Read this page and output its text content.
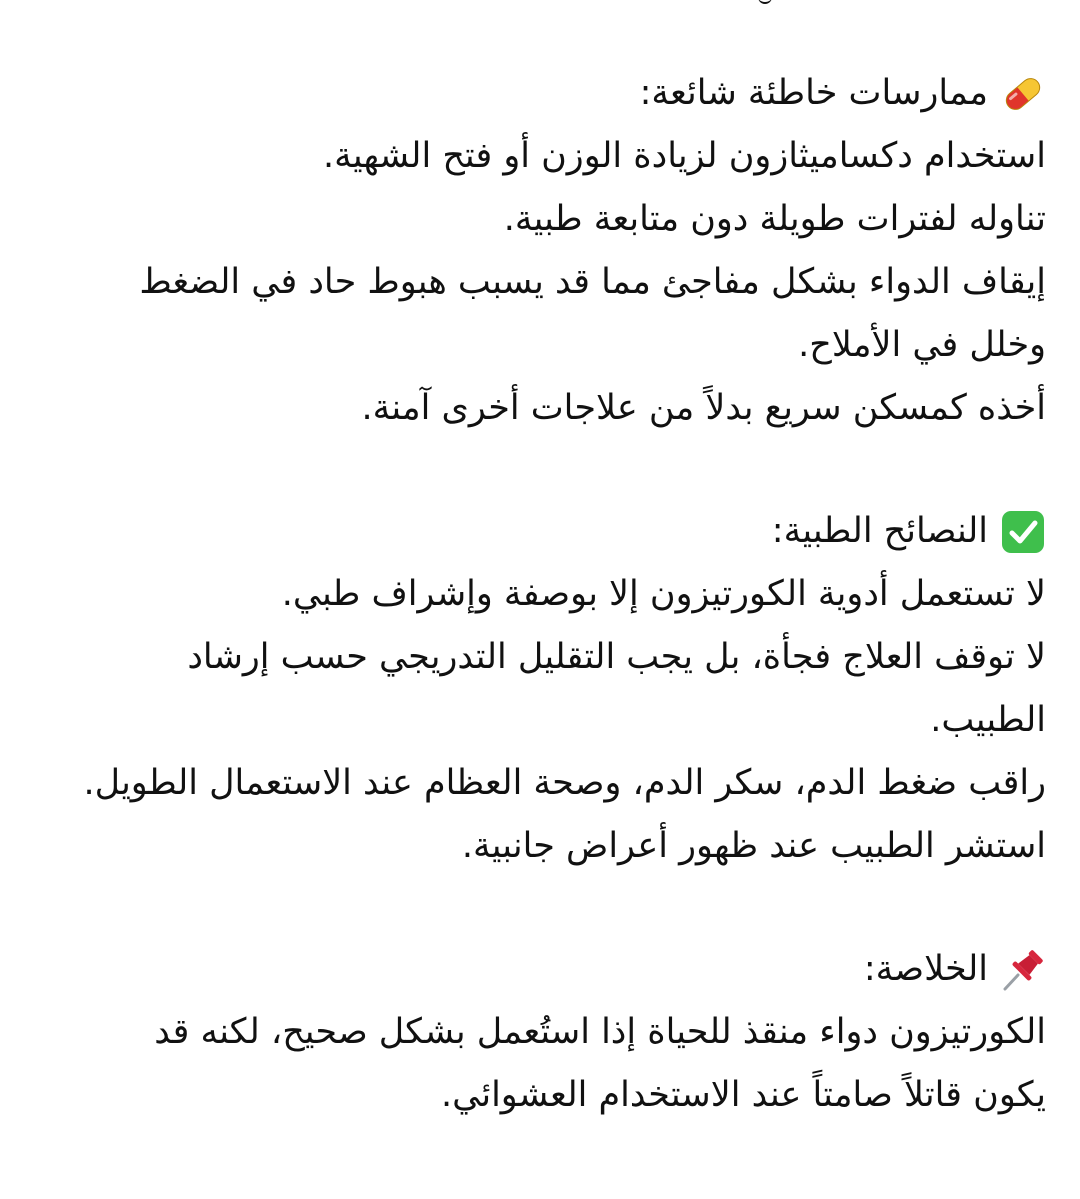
ممارسات خاطئة شائعة:
استخدام دكساميثازون لزيادة الوزن أو فتح الشهية.
تناوله لفترات طويلة دون متابعة طبية.
إيقاف الدواء بشكل مفاجئ مما قد يسبب هبوط حاد في الضغط
وخلل في الأملاح.
أخذه كمسكن سريع بدلاً من علاجات أخرى آمنة.
النصائح الطبية:
لا تستعمل أدوية الكورتيزون إلا بوصفة وإشراف طبي.
لا توقف العلاج فجأة، بل يجب التقليل التدريجي حسب إرشاد
الطبيب.
راقب ضغط الدم، سكر الدم، وصحة العظام عند الاستعمال الطويل.
استشر الطبيب عند ظهور أعراض جانبية.
الخلاصة:
الكورتيزون دواء منقذ للحياة إذا استُعمل بشكل صحيح، لكنه قد
يكون قاتلاً صامتاً عند الاستخدام العشوائي.
